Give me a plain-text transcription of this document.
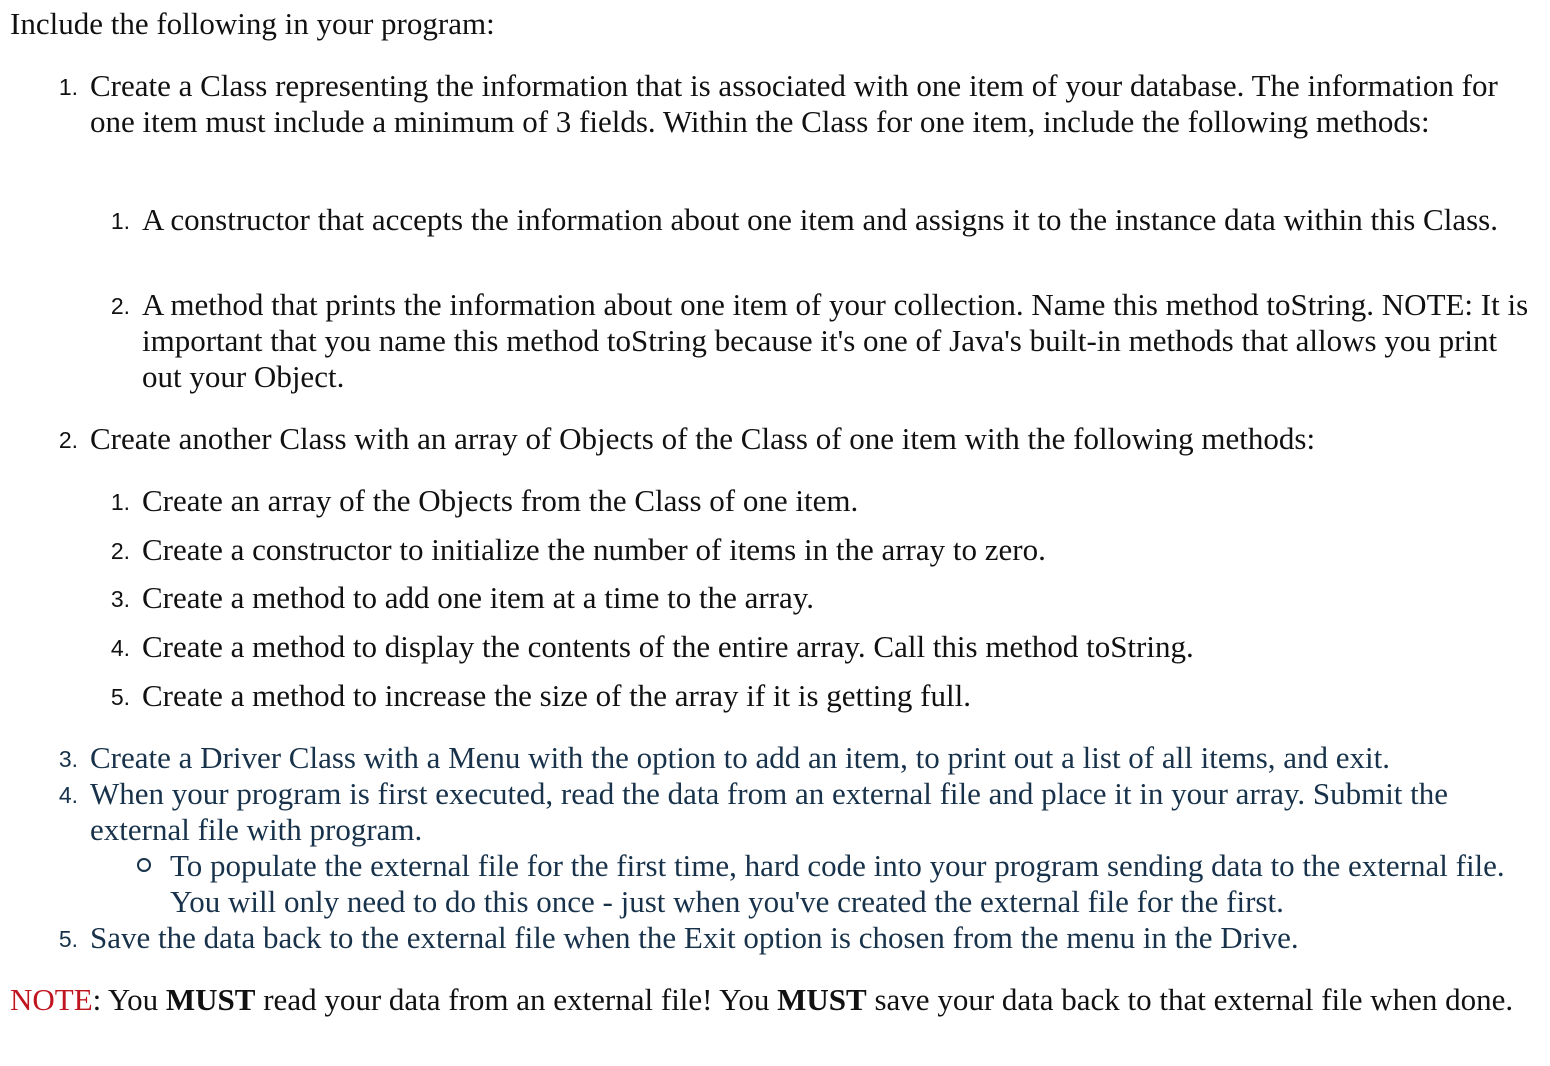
Include the following in your program:

1. Create a Class representing the information that is associated with one item of your database. The information for one item must include a minimum of 3 fields. Within the Class for one item, include the following methods:
1. A constructor that accepts the information about one item and assigns it to the instance data within this Class.
2. A method that prints the information about one item of your collection. Name this method toString. NOTE: It is important that you name this method toString because it's one of Java's built-in methods that allows you print out your Object.
2. Create another Class with an array of Objects of the Class of one item with the following methods:
1. Create an array of the Objects from the Class of one item.
2. Create a constructor to initialize the number of items in the array to zero.
3. Create a method to add one item at a time to the array.
4. Create a method to display the contents of the entire array. Call this method toString.
5. Create a method to increase the size of the array if it is getting full.
3. Create a Driver Class with a Menu with the option to add an item, to print out a list of all items, and exit.
4. When your program is first executed, read the data from an external file and place it in your array. Submit the external file with program.

To populate the external file for the first time, hard code into your program sending data to the external file. You will only need to do this once - just when you've created the external file for the first.

5. Save the data back to the external file when the Exit option is chosen from the menu in the Drive.

NOTE: You MUST read your data from an external file! You MUST save your data back to that external file when done.
